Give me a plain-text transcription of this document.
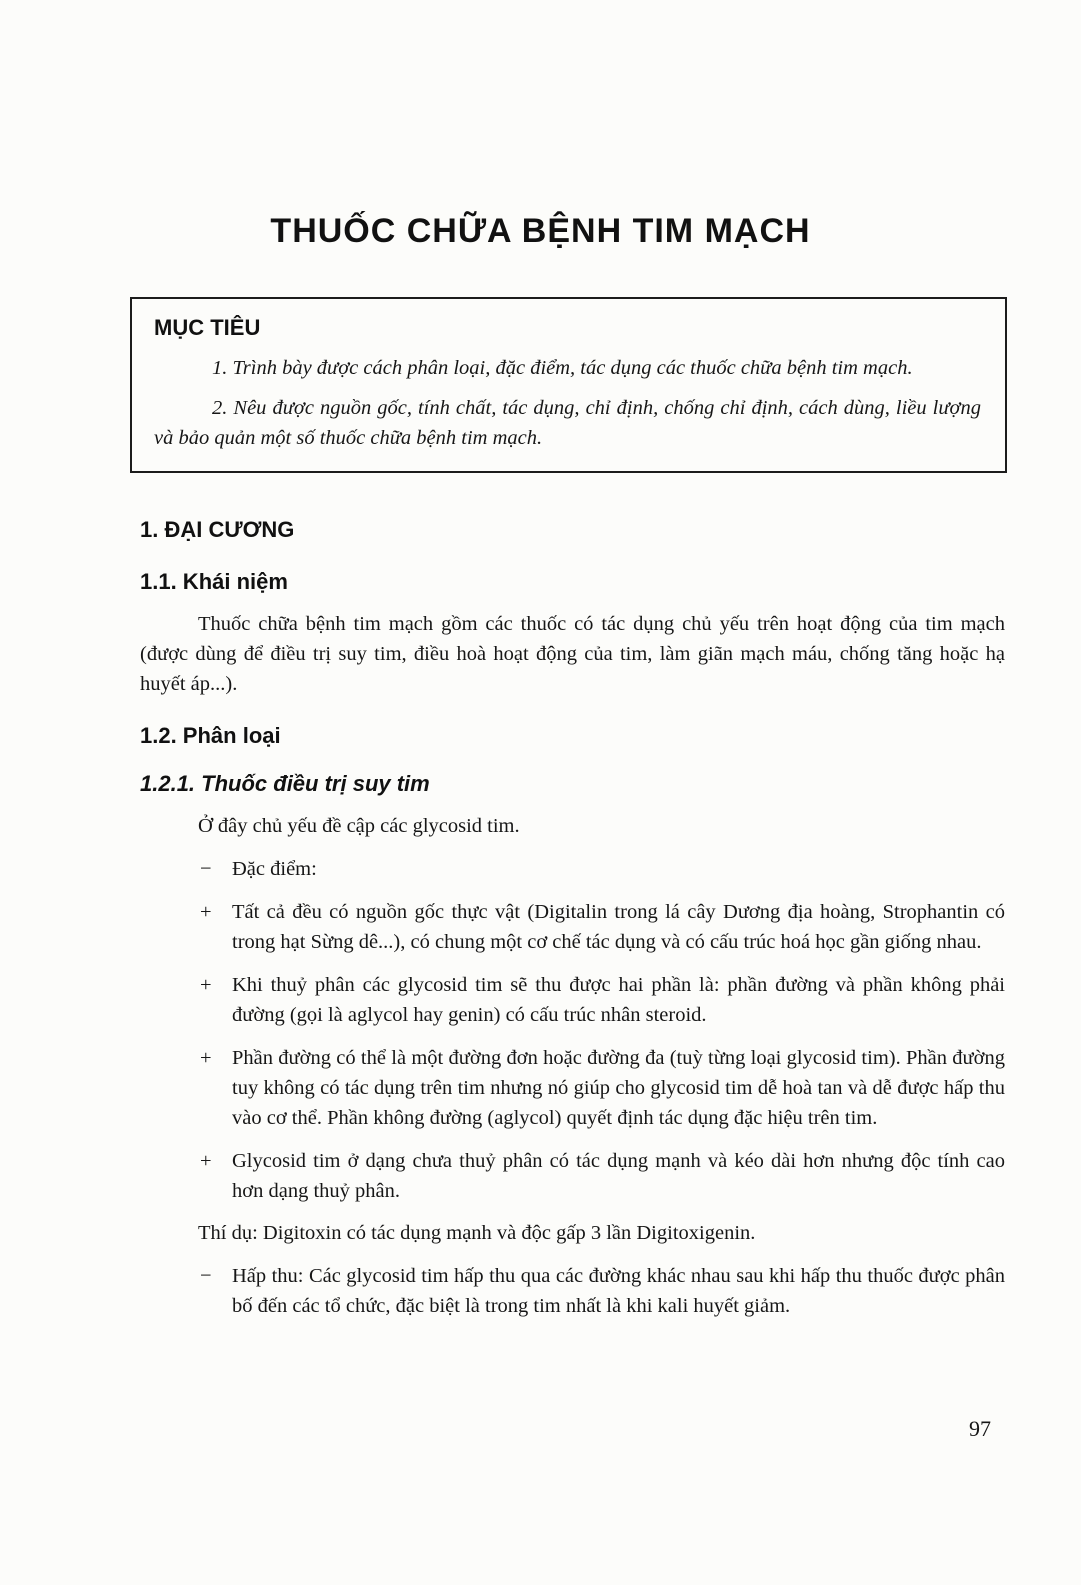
THUỐC CHỮA BỆNH TIM MẠCH
MỤC TIÊU

1. Trình bày được cách phân loại, đặc điểm, tác dụng các thuốc chữa bệnh tim mạch.

2. Nêu được nguồn gốc, tính chất, tác dụng, chỉ định, chống chỉ định, cách dùng, liều lượng và bảo quản một số thuốc chữa bệnh tim mạch.

1. ĐẠI CƯƠNG
1.1. Khái niệm

Thuốc chữa bệnh tim mạch gồm các thuốc có tác dụng chủ yếu trên hoạt động của tim mạch (được dùng để điều trị suy tim, điều hoà hoạt động của tim, làm giãn mạch máu, chống tăng hoặc hạ huyết áp...).

1.2. Phân loại
1.2.1. Thuốc điều trị suy tim

Ở đây chủ yếu đề cập các glycosid tim.

− Đặc điểm:
+ Tất cả đều có nguồn gốc thực vật (Digitalin trong lá cây Dương địa hoàng, Strophantin có trong hạt Sừng dê...), có chung một cơ chế tác dụng và có cấu trúc hoá học gần giống nhau.
+ Khi thuỷ phân các glycosid tim sẽ thu được hai phần là: phần đường và phần không phải đường (gọi là aglycol hay genin) có cấu trúc nhân steroid.
+ Phần đường có thể là một đường đơn hoặc đường đa (tuỳ từng loại glycosid tim). Phần đường tuy không có tác dụng trên tim nhưng nó giúp cho glycosid tim dễ hoà tan và dễ được hấp thu vào cơ thể. Phần không đường (aglycol) quyết định tác dụng đặc hiệu trên tim.
+ Glycosid tim ở dạng chưa thuỷ phân có tác dụng mạnh và kéo dài hơn nhưng độc tính cao hơn dạng thuỷ phân.

Thí dụ: Digitoxin có tác dụng mạnh và độc gấp 3 lần Digitoxigenin.

− Hấp thu: Các glycosid tim hấp thu qua các đường khác nhau sau khi hấp thu thuốc được phân bố đến các tổ chức, đặc biệt là trong tim nhất là khi kali huyết giảm.
97
